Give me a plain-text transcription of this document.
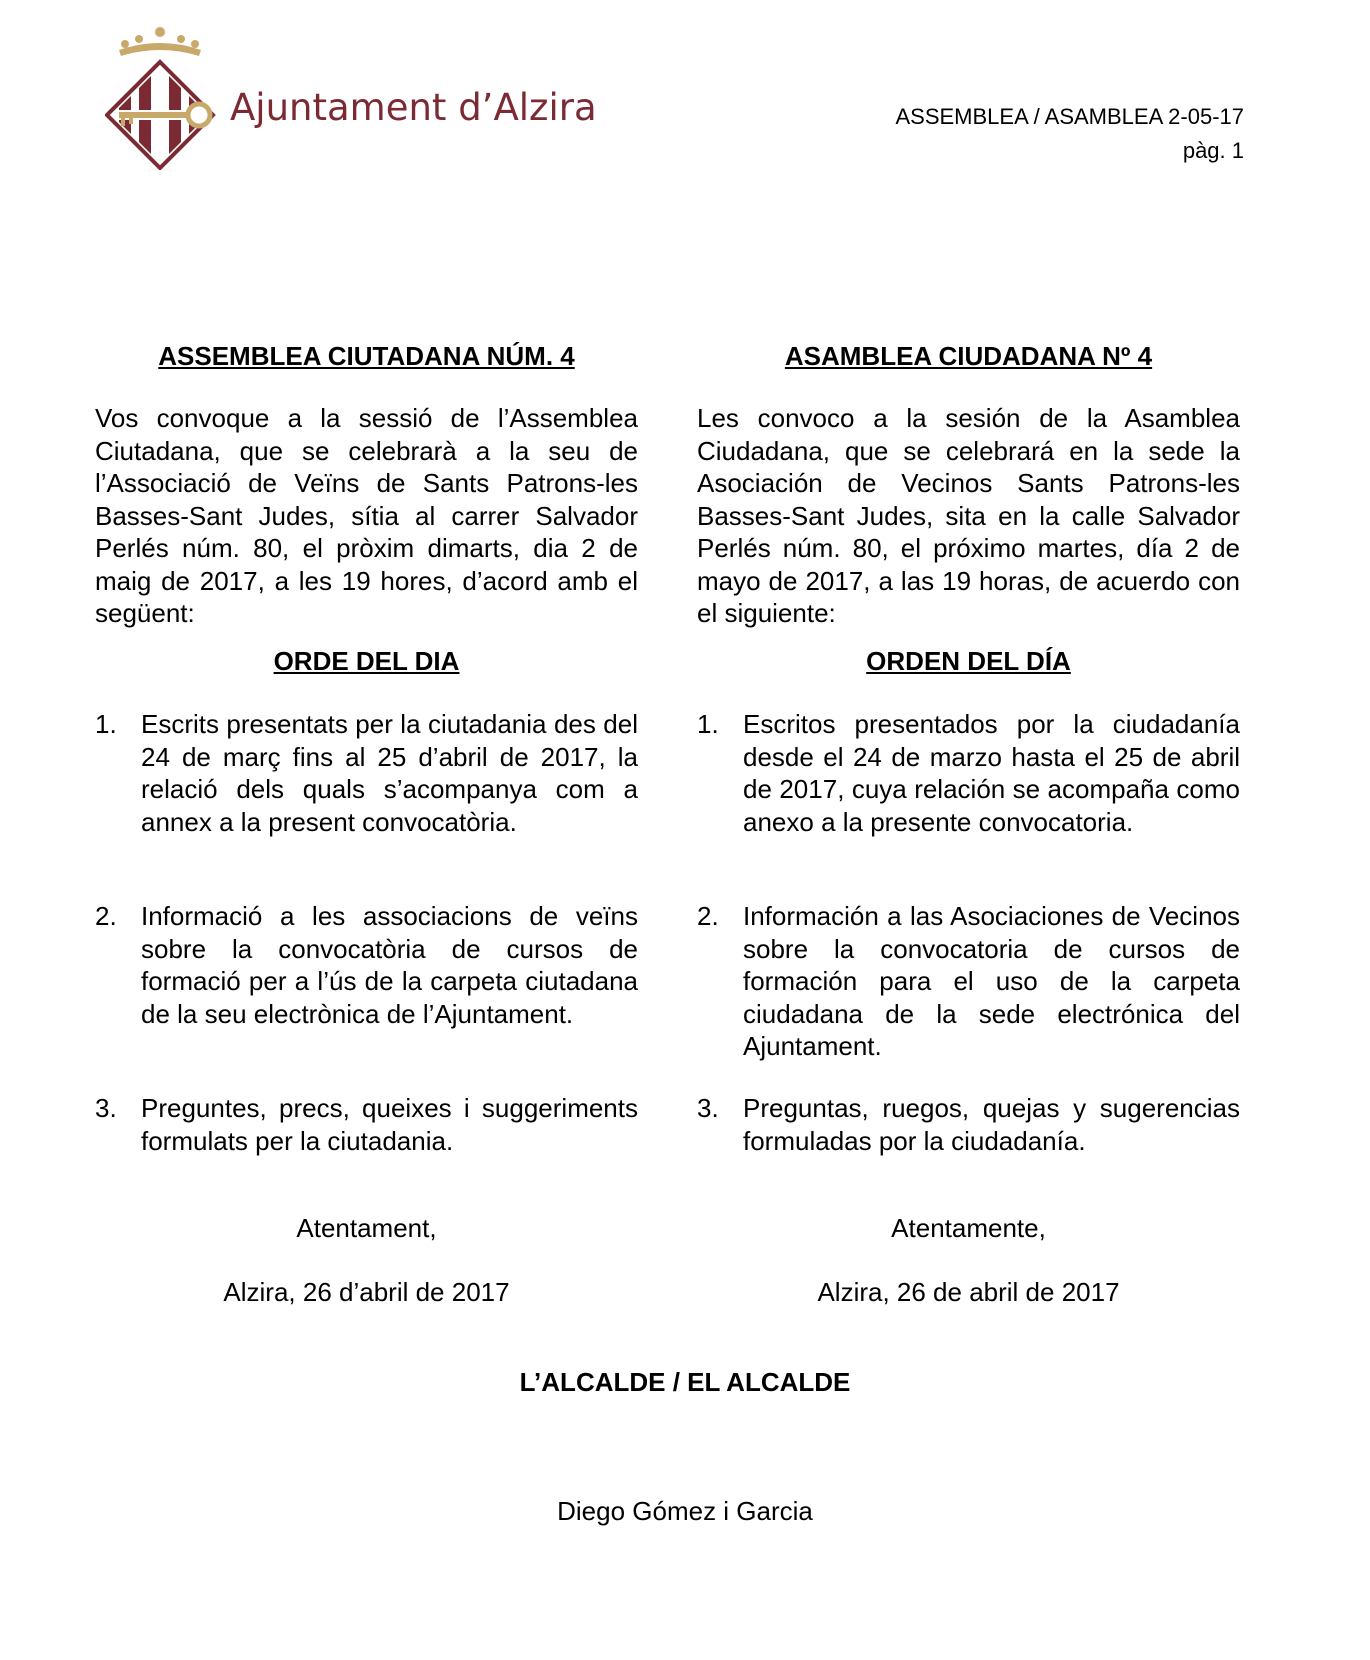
Ajuntament d’Alzira	ASSEMBLEA / ASAMBLEA 2-05-17
pàg. 1
ASSEMBLEA CIUTADANA NÚM. 4

Vos convoque a la sessió de l’Assemblea Ciutadana, que se celebrarà a la seu de l’Associació de Veïns de Sants Patrons-les Basses-Sant Judes, sítia al carrer Salvador Perlés núm. 80, el pròxim dimarts, dia 2 de maig de 2017, a les 19 hores, d’acord amb el següent:

ORDE DEL DIA
1. Escrits presentats per la ciutadania des del 24 de març fins al 25 d’abril de 2017, la relació dels quals s’acompanya com a annex a la present convocatòria.
2. Informació a les associacions de veïns sobre la convocatòria de cursos de formació per a l’ús de la carpeta ciutadana de la seu electrònica de l’Ajuntament.
3. Preguntes, precs, queixes i suggeriments formulats per la ciutadania.
Atentament,
Alzira, 26 d’abril de 2017
ASAMBLEA CIUDADANA Nº 4

Les convoco a la sesión de la Asamblea Ciudadana, que se celebrará en la sede la Asociación de Vecinos Sants Patrons-les Basses-Sant Judes, sita en la calle Salvador Perlés núm. 80, el próximo martes, día 2 de mayo de 2017, a las 19 horas, de acuerdo con el siguiente:

ORDEN DEL DÍA
1. Escritos presentados por la ciudadanía desde el 24 de marzo hasta el 25 de abril de 2017, cuya relación se acompaña como anexo a la presente convocatoria.
2. Información a las Asociaciones de Vecinos sobre la convocatoria de cursos de formación para el uso de la carpeta ciudadana de la sede electrónica del Ajuntament.
3. Preguntas, ruegos, quejas y sugerencias formuladas por la ciudadanía.
Atentamente,
Alzira, 26 de abril de 2017
L’ALCALDE / EL ALCALDE
Diego Gómez i Garcia
